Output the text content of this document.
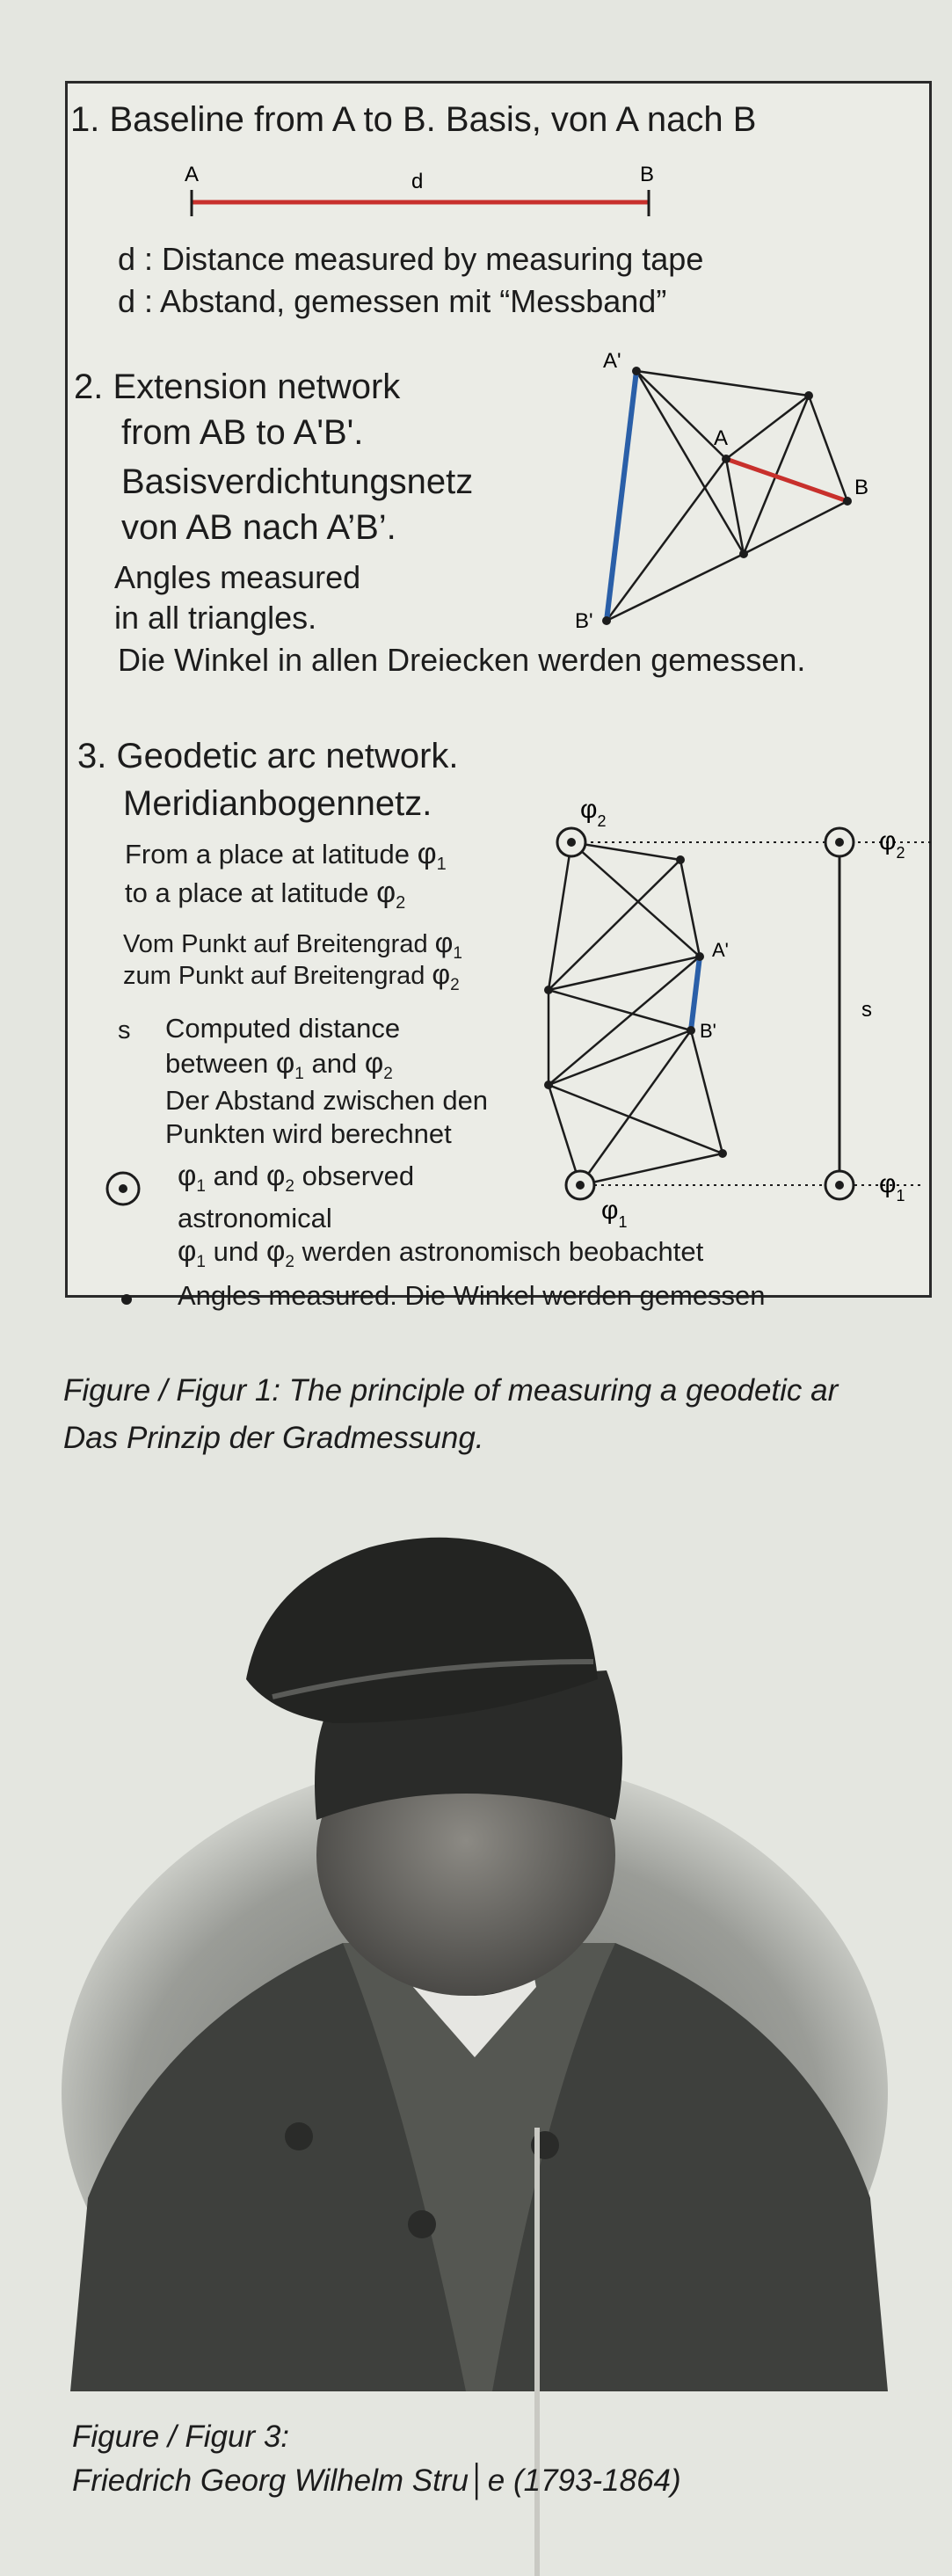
1. Baseline from A to B. Basis, von A nach B
A	d	B
d : Distance measured by measuring tape
d : Abstand, gemessen mit “Messband”
2. Extension network
from AB to A'B'.
Basisverdichtungsnetz
von AB nach A’B’.
Angles measured
in all triangles.
Die Winkel in allen Dreiecken werden gemessen.
A'
A
B
B'
3. Geodetic arc network.
Meridianbogennetz.
From a place at latitude $\varphi_1$
to a place at latitude $\varphi_2$
Vom Punkt auf Breitengrad $\varphi_1$
zum Punkt auf Breitengrad $\varphi_2$
s Computed distance
between $\varphi_1$ and $\varphi_2$
Der Abstand zwischen den
Punkten wird berechnet
$\varphi_1$ and $\varphi_2$ observed
astronomical
$\varphi_1$ und $\varphi_2$ werden astronomisch beobachtet
Angles measured. Die Winkel werden gemessen
$\varphi_2$
$\varphi_2$
$\varphi_1$
$\varphi_1$
A'
B'
s
Figure / Figur 1: The principle of measuring a geodetic ar
Das Prinzip der Gradmessung.
Figure / Figur 3:
Friedrich Georg Wilhelm Stru│e (1793-1864)
